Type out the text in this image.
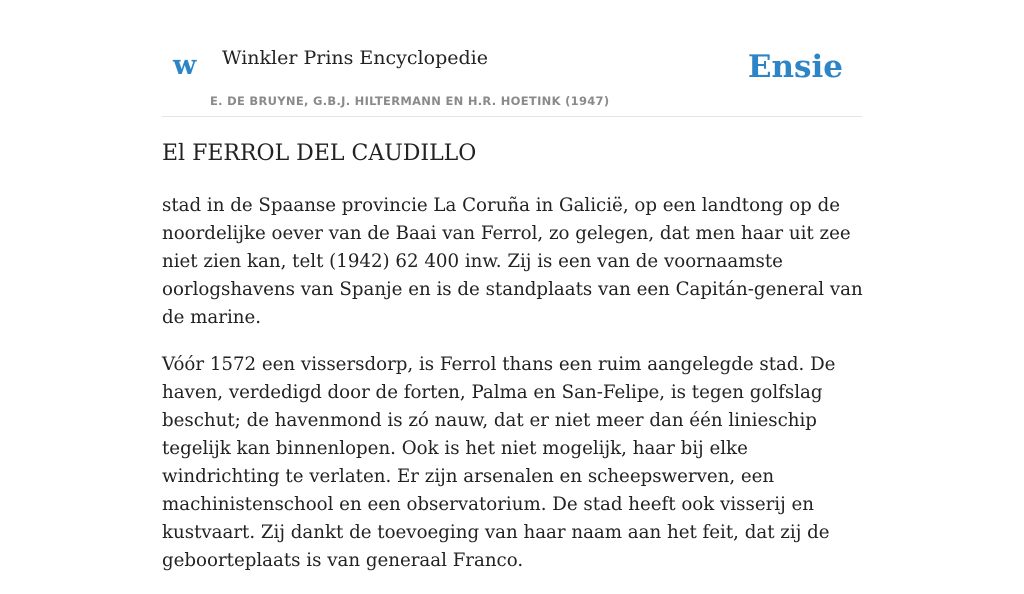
w Winkler Prins Encyclopedie
E. DE BRUYNE, G.B.J. HILTERMANN EN H.R. HOETINK (1947)
Ensie
El FERROL DEL CAUDILLO

stad in de Spaanse provincie La Coruña in Galicië, op een landtong op de noordelijke oever van de Baai van Ferrol, zo gelegen, dat men haar uit zee niet zien kan, telt (1942) 62 400 inw. Zij is een van de voornaamste oorlogshavens van Spanje en is de standplaats van een Capitán-general van de marine.

Vóór 1572 een vissersdorp, is Ferrol thans een ruim aangelegde stad. De haven, verdedigd door de forten, Palma en San-Felipe, is tegen golfslag beschut; de havenmond is zó nauw, dat er niet meer dan één linieschip tegelijk kan binnenlopen. Ook is het niet mogelijk, haar bij elke windrichting te verlaten. Er zijn arsenalen en scheepswerven, een machinistenschool en een observatorium. De stad heeft ook visserij en kustvaart. Zij dankt de toevoeging van haar naam aan het feit, dat zij de geboorteplaats is van generaal Franco.
